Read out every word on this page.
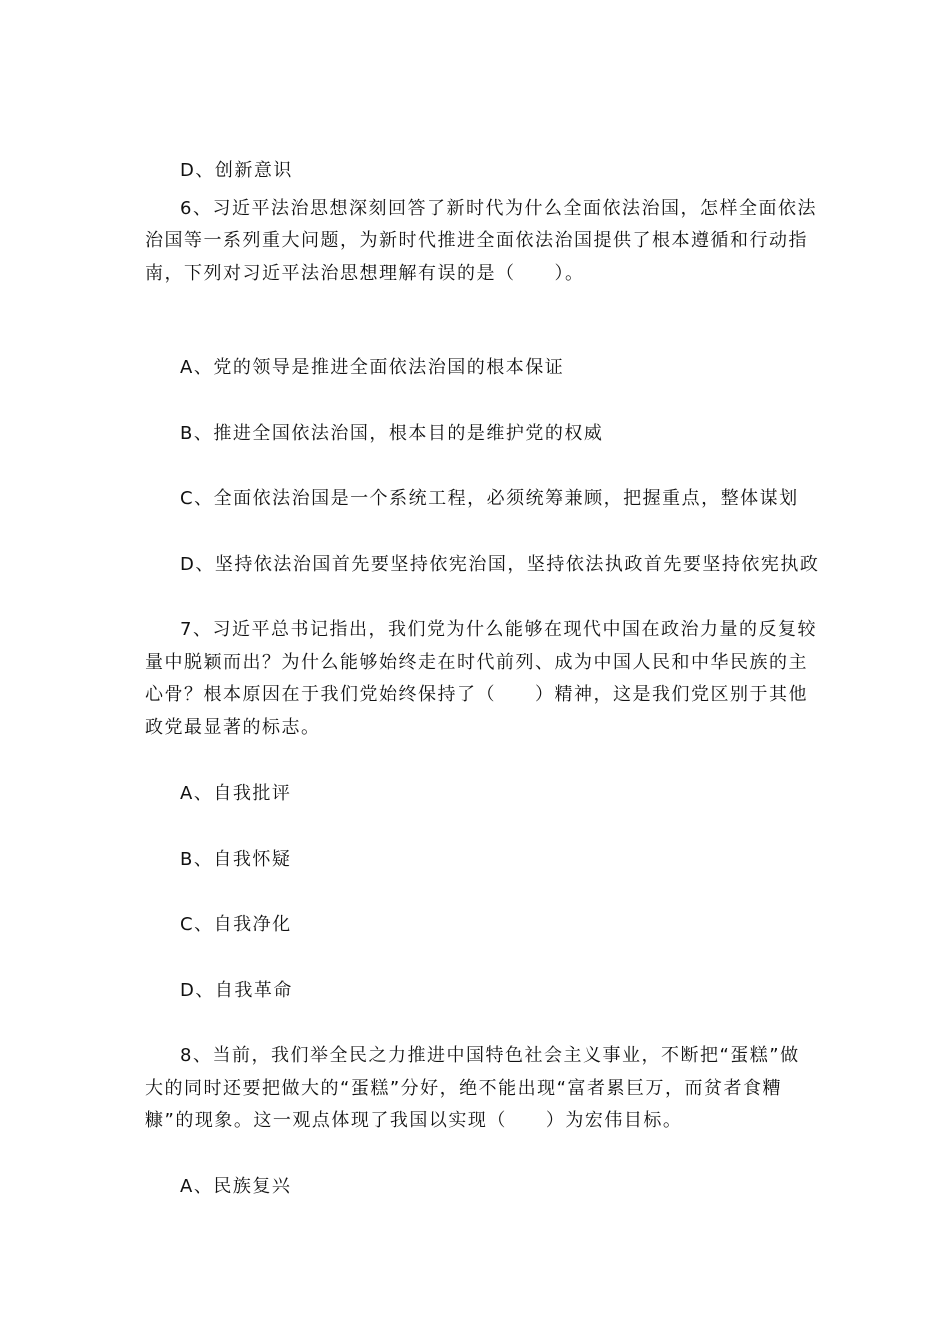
D、创新意识
6、习近平法治思想深刻回答了新时代为什么全面依法治国，怎样全面依法
治国等一系列重大问题，为新时代推进全面依法治国提供了根本遵循和行动指
南，下列对习近平法治思想理解有误的是（　　）。
A、党的领导是推进全面依法治国的根本保证
B、推进全国依法治国，根本目的是维护党的权威
C、全面依法治国是一个系统工程，必须统筹兼顾，把握重点，整体谋划
D、坚持依法治国首先要坚持依宪治国，坚持依法执政首先要坚持依宪执政
7、习近平总书记指出，我们党为什么能够在现代中国在政治力量的反复较
量中脱颖而出？为什么能够始终走在时代前列、成为中国人民和中华民族的主
心骨？根本原因在于我们党始终保持了（　　）精神，这是我们党区别于其他
政党最显著的标志。
A、自我批评
B、自我怀疑
C、自我净化
D、自我革命
8、当前，我们举全民之力推进中国特色社会主义事业，不断把“蛋糕”做
大的同时还要把做大的“蛋糕”分好，绝不能出现“富者累巨万，而贫者食糟
糠”的现象。这一观点体现了我国以实现（　　）为宏伟目标。
A、民族复兴
